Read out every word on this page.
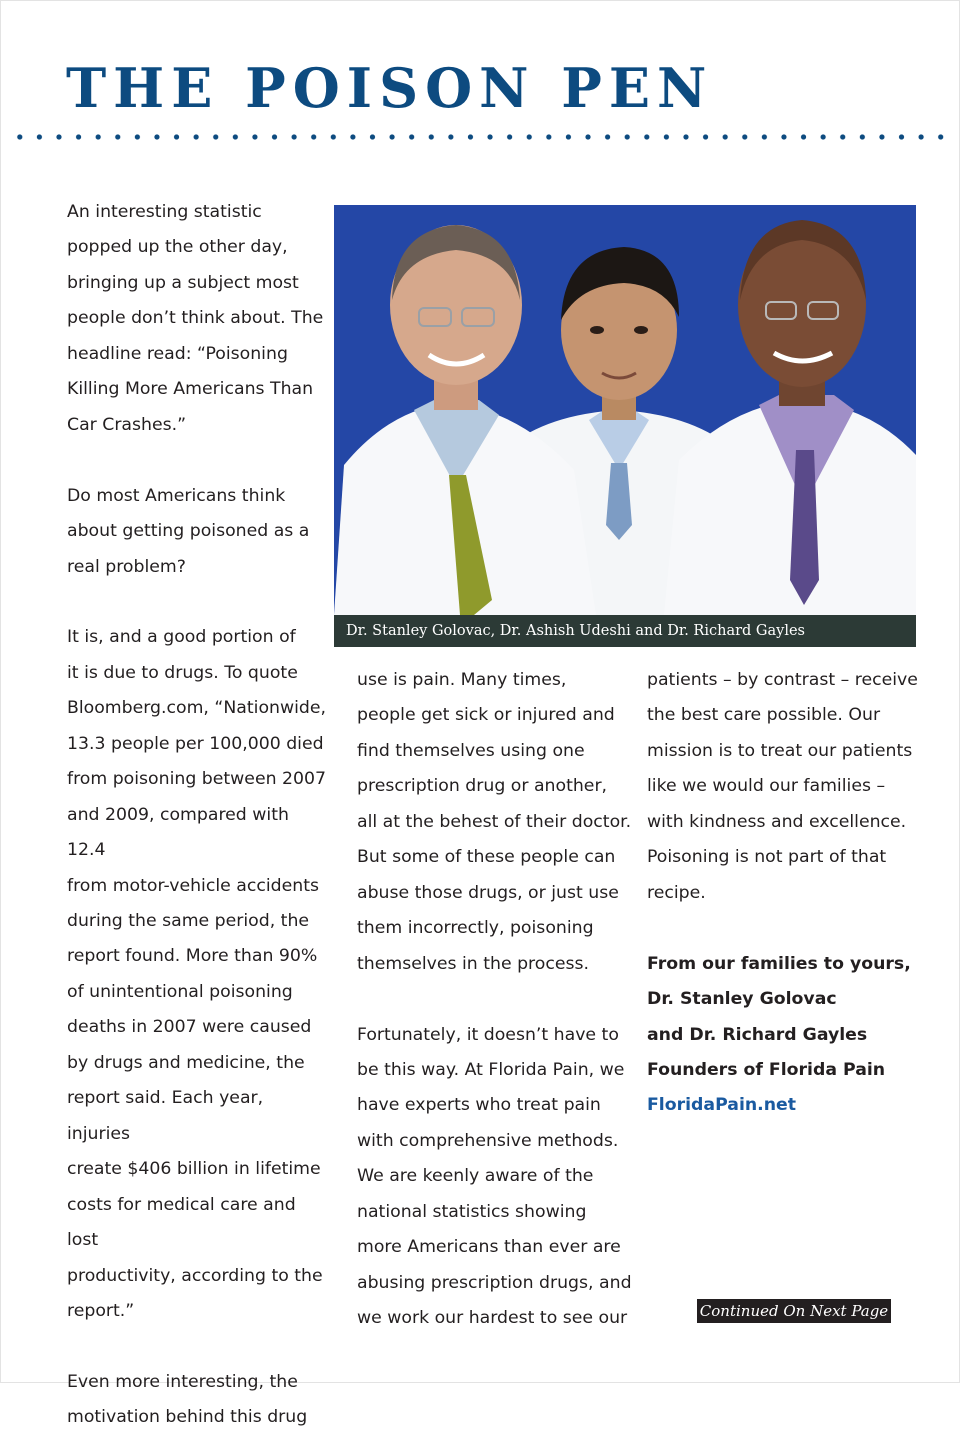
THE POISON PEN

An interesting statistic
popped up the other day,
bringing up a subject most
people don’t think about. The
headline read: “Poisoning
Killing More Americans Than
Car Crashes.”

Do most Americans think
about getting poisoned as a
real problem?

It is, and a good portion of
it is due to drugs. To quote
Bloomberg.com, “Nationwide,
13.3 people per 100,000 died
from poisoning between 2007
and 2009, compared with 12.4
from motor-vehicle accidents
during the same period, the
report found. More than 90%
of unintentional poisoning
deaths in 2007 were caused
by drugs and medicine, the
report said. Each year, injuries
create $406 billion in lifetime
costs for medical care and lost
productivity, according to the
report.”

Even more interesting, the
motivation behind this drug

Dr. Stanley Golovac, Dr. Ashish Udeshi and Dr. Richard Gayles

use is pain. Many times,
people get sick or injured and
find themselves using one
prescription drug or another,
all at the behest of their doctor.
But some of these people can
abuse those drugs, or just use
them incorrectly, poisoning
themselves in the process.

Fortunately, it doesn’t have to
be this way. At Florida Pain, we
have experts who treat pain
with comprehensive methods.
We are keenly aware of the
national statistics showing
more Americans than ever are
abusing prescription drugs, and
we work our hardest to see our

patients – by contrast – receive
the best care possible. Our
mission is to treat our patients
like we would our families –
with kindness and excellence.
Poisoning is not part of that
recipe.

From our families to yours,
Dr. Stanley Golovac
and Dr. Richard Gayles
Founders of Florida Pain
FloridaPain.net
Continued On Next Page
